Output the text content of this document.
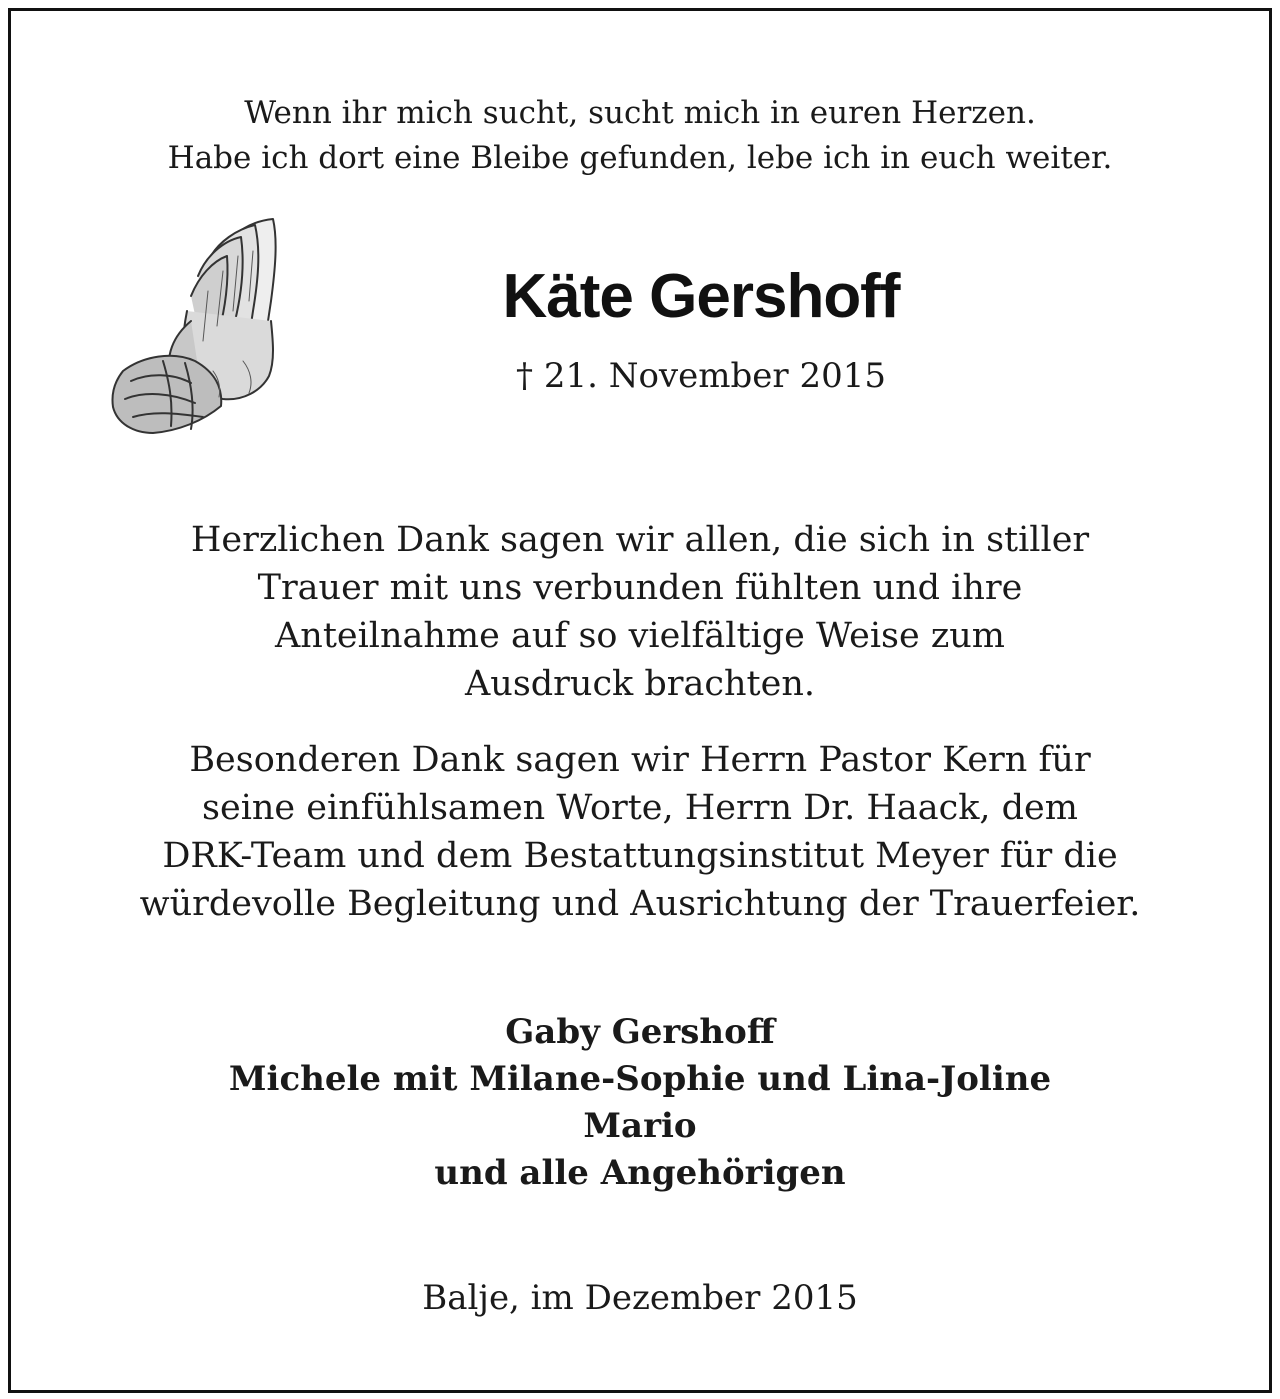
Wenn ihr mich sucht, sucht mich in euren Herzen.
Habe ich dort eine Bleibe gefunden, lebe ich in euch weiter.
Käte Gershoff
† 21. November 2015
Herzlichen Dank sagen wir allen, die sich in stiller
Trauer mit uns verbunden fühlten und ihre
Anteilnahme auf so vielfältige Weise zum
Ausdruck brachten.
Besonderen Dank sagen wir Herrn Pastor Kern für
seine einfühlsamen Worte, Herrn Dr. Haack, dem
DRK-Team und dem Bestattungsinstitut Meyer für die
würdevolle Begleitung und Ausrichtung der Trauerfeier.
Gaby Gershoff
Michele mit Milane-Sophie und Lina-Joline
Mario
und alle Angehörigen
Balje, im Dezember 2015
